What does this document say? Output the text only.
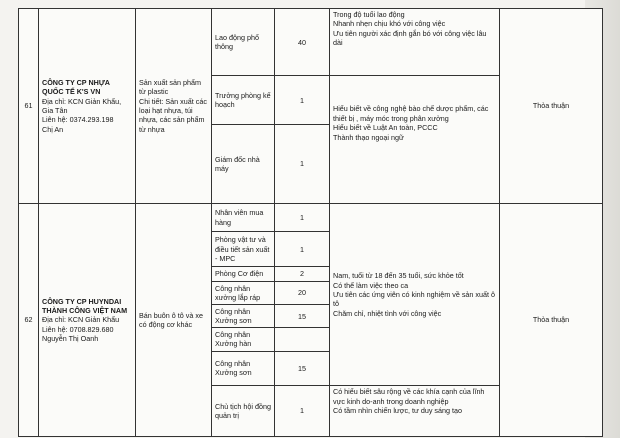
61	CÔNG TY CP NHỰA QUỐC TẾ K'S VN
Địa chỉ: KCN Giản Khẩu, Gia Tân
Liên hệ: 0374.293.198
Chị An	Sản xuất sản phẩm từ plastic
Chi tiết: Sản xuất các loại hạt nhựa, túi nhựa, các sản phẩm từ nhựa	Lao động phổ thông	40	Trong độ tuổi lao động
Nhanh nhẹn chịu khó với công việc
Ưu tiên người xác định gắn bó với công việc lâu dài	Thỏa thuận
			Trưởng phòng kế hoạch	1	Hiểu biết về công nghệ bào chế dược phẩm, các thiết bị , máy móc trong phân xưởng
Hiểu biết về Luật An toàn, PCCC
Thành thạo ngoại ngữ	

			Giám đốc nhà máy	1		
62	CÔNG TY CP HUYNDAI THÀNH CÔNG VIỆT NAM
Địa chỉ: KCN Giản Khẩu
Liên hệ: 0708.829.680
Nguyễn Thị Oanh	Bán buôn ô tô và xe có động cơ khác	Nhân viên mua hàng	1	Nam, tuổi từ 18 đến 35 tuổi, sức khỏe tốt
Có thể làm việc theo ca
Ưu tiên các ứng viên có kinh nghiệm về sản xuất ô tô
Chăm chỉ, nhiệt tình với công việc	Thỏa thuận
			Phòng vật tư và điều tiết sản xuất - MPC	1		
			Phòng Cơ điện	2		
			Công nhân xưởng lắp ráp	20		
			Công nhân Xưởng sơn	15		
			Công nhân Xưởng hàn			
			Công nhân Xưởng sơn	15		
			Chủ tịch hội đồng quản trị	1	Có hiểu biết sâu rộng về các khía cạnh của lĩnh vực kinh do-anh trong doanh nghiệp
Có tầm nhìn chiến lược, tư duy sáng tạo	
